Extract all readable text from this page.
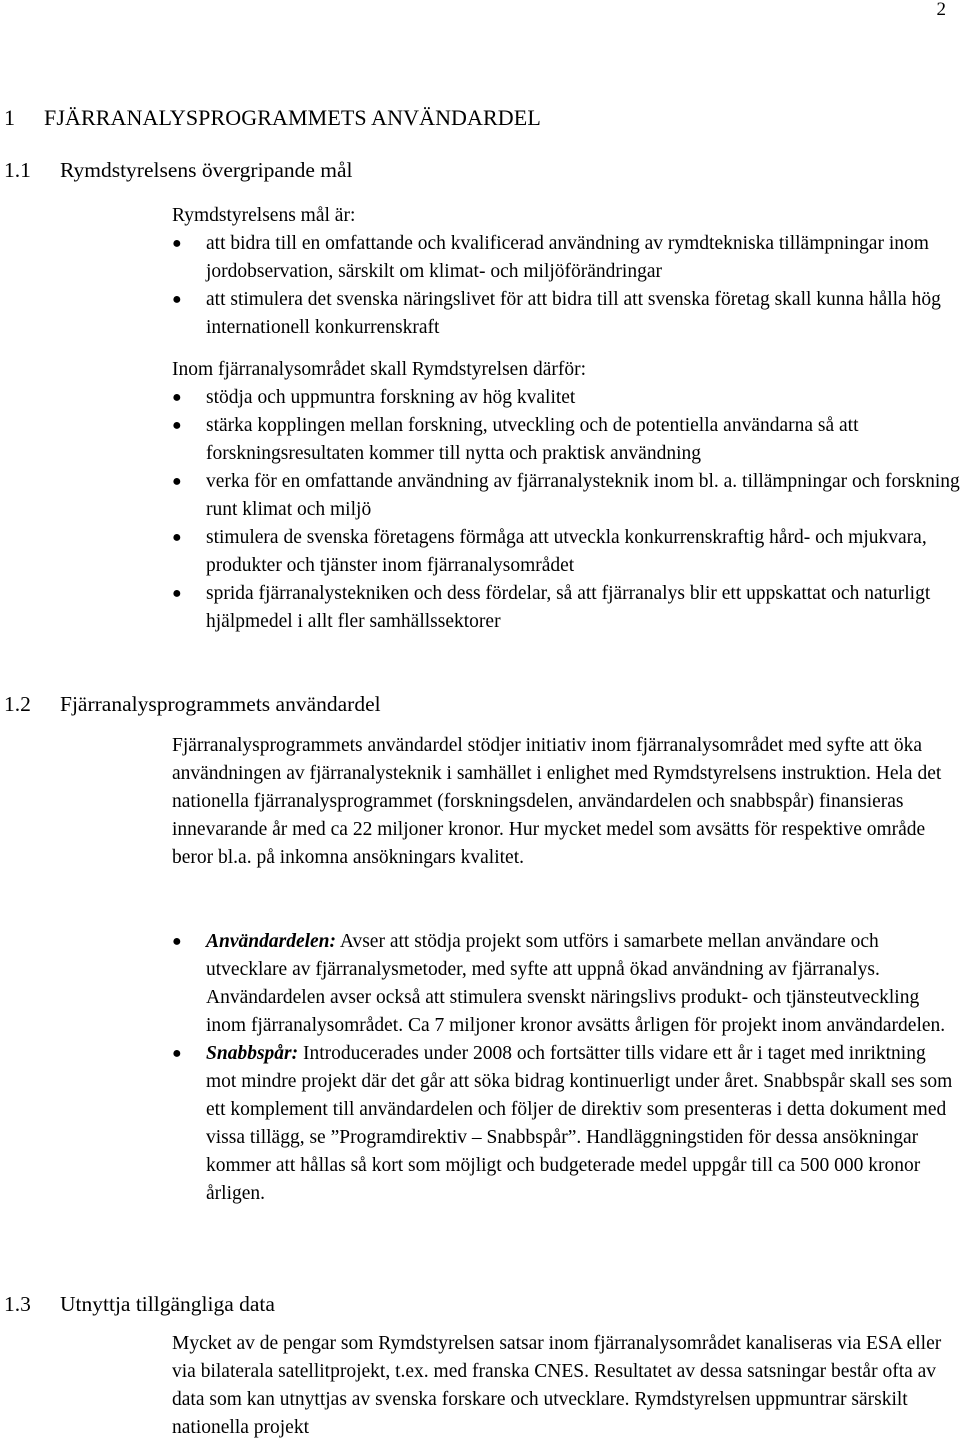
2
1 FJÄRRANALYSPROGRAMMETS ANVÄNDARDEL
1.1 Rymdstyrelsens övergripande mål

Rymdstyrelsens mål är:

● att bidra till en omfattande och kvalificerad användning av rymdtekniska tillämpningar inom jordobservation, särskilt om klimat- och miljöförändringar
● att stimulera det svenska näringslivet för att bidra till att svenska företag skall kunna hålla hög internationell konkurrenskraft

Inom fjärranalysområdet skall Rymdstyrelsen därför:

● stödja och uppmuntra forskning av hög kvalitet
● stärka kopplingen mellan forskning, utveckling och de potentiella användarna så att forskningsresultaten kommer till nytta och praktisk användning
● verka för en omfattande användning av fjärranalysteknik inom bl. a. tillämpningar och forskning runt klimat och miljö
● stimulera de svenska företagens förmåga att utveckla konkurrenskraftig hård- och mjukvara, produkter och tjänster inom fjärranalysområdet
● sprida fjärranalystekniken och dess fördelar, så att fjärranalys blir ett uppskattat och naturligt hjälpmedel i allt fler samhällssektorer
1.2 Fjärranalysprogrammets användardel

Fjärranalysprogrammets användardel stödjer initiativ inom fjärranalysområdet med syfte att öka användningen av fjärranalysteknik i samhället i enlighet med Rymdstyrelsens instruktion. Hela det nationella fjärranalysprogrammet (forskningsdelen, användardelen och snabbspår) finansieras innevarande år med ca 22 miljoner kronor. Hur mycket medel som avsätts för respektive område beror bl.a. på inkomna ansökningars kvalitet.

● Användardelen: Avser att stödja projekt som utförs i samarbete mellan användare och utvecklare av fjärranalysmetoder, med syfte att uppnå ökad användning av fjärranalys. Användardelen avser också att stimulera svenskt näringslivs produkt- och tjänsteutveckling inom fjärranalysområdet. Ca 7 miljoner kronor avsätts årligen för projekt inom användardelen.
● Snabbspår: Introducerades under 2008 och fortsätter tills vidare ett år i taget med inriktning mot mindre projekt där det går att söka bidrag kontinuerligt under året. Snabbspår skall ses som ett komplement till användardelen och följer de direktiv som presenteras i detta dokument med vissa tillägg, se ”Programdirektiv – Snabbspår”. Handläggningstiden för dessa ansökningar kommer att hållas så kort som möjligt och budgeterade medel uppgår till ca 500 000 kronor årligen.
1.3 Utnyttja tillgängliga data

Mycket av de pengar som Rymdstyrelsen satsar inom fjärranalysområdet kanaliseras via ESA eller via bilaterala satellitprojekt, t.ex. med franska CNES. Resultatet av dessa satsningar består ofta av data som kan utnyttjas av svenska forskare och utvecklare. Rymdstyrelsen uppmuntrar särskilt nationella projekt
